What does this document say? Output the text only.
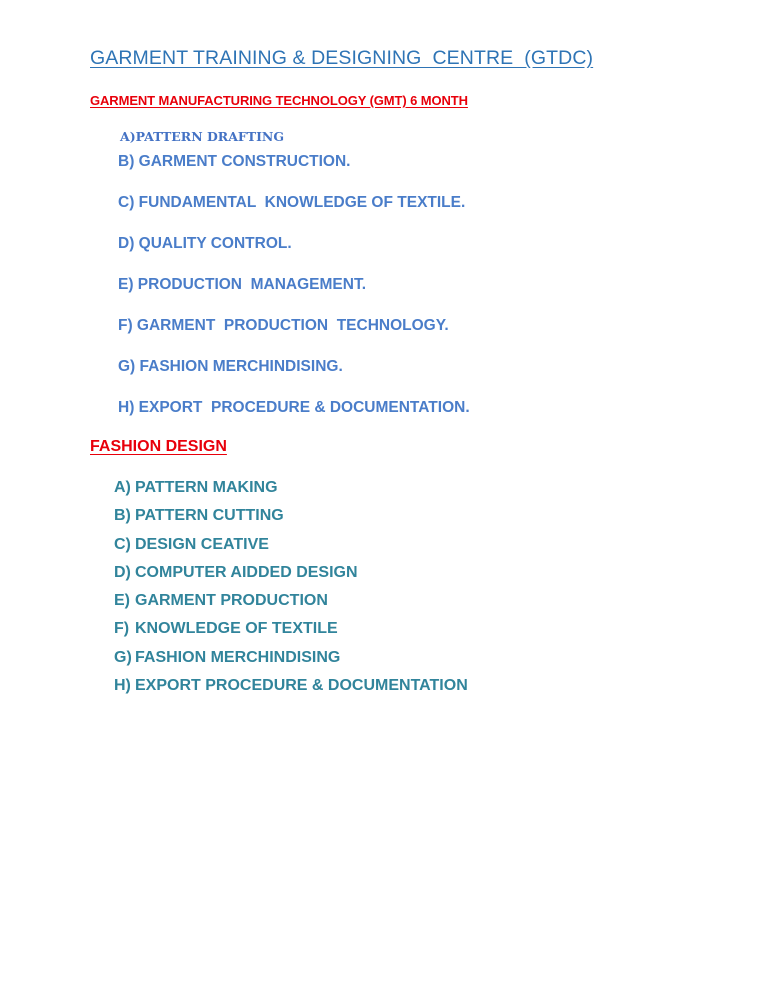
GARMENT TRAINING & DESIGNING  CENTRE  (GTDC)
GARMENT MANUFACTURING TECHNOLOGY (GMT) 6 MONTH
A)PATTERN DRAFTING
B) GARMENT CONSTRUCTION.
C) FUNDAMENTAL  KNOWLEDGE OF TEXTILE.
D) QUALITY CONTROL.
E) PRODUCTION  MANAGEMENT.
F) GARMENT  PRODUCTION  TECHNOLOGY.
G) FASHION MERCHINDISING.
H) EXPORT  PROCEDURE & DOCUMENTATION.
FASHION DESIGN
A) PATTERN MAKING
B) PATTERN CUTTING
C) DESIGN CEATIVE
D) COMPUTER AIDDED DESIGN
E) GARMENT PRODUCTION
F) KNOWLEDGE OF TEXTILE
G) FASHION MERCHINDISING
H) EXPORT PROCEDURE & DOCUMENTATION
